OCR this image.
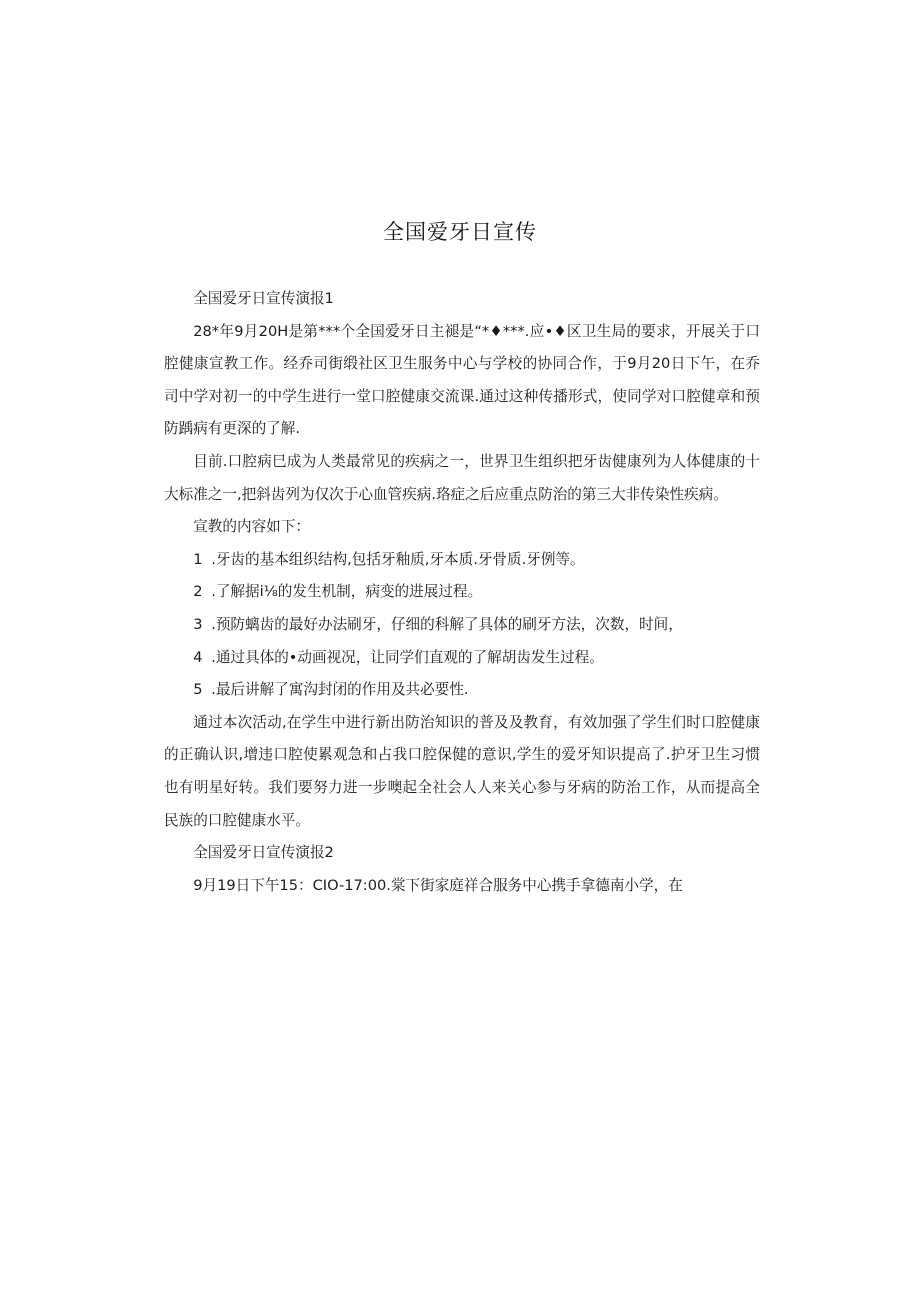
全国爱牙日宣传

全国爱牙日宣传演报1

28*年9月20H是第***个全国爱牙日主褪是“*♦***.应•♦区卫生局的要求，开展关于口腔健康宣教工作。经乔司街缎社区卫生服务中心与学校的协同合作，于9月20日下午，在乔司中学对初一的中学生进行一堂口腔健康交流课.通过这种传播形式，使同学对口腔健章和预防踽病有更深的了解.

目前.口腔病巳成为人类最常见的疾病之一，世界卫生组织把牙齿健康列为人体健康的十大标准之一,把斜齿列为仅次于心血管疾病.珞症之后应重点防治的第三大非传染性疾病。

宣教的内容如下：

1 .牙齿的基本组织结构,包括牙釉质,牙本质.牙骨质.牙例等。
2 .了解据i⅛的发生机制，病变的进展过程。
3 .预防螭齿的最好办法刷牙，仔细的科解了具体的刷牙方法，次数，时间，
4 .通过具体的•动画视况，让同学们直观的了解胡齿发生过程。
5 .最后讲解了寓沟封闭的作用及共必要性.

通过本次活动,在学生中进行新出防治知识的普及及教育，有效加强了学生们时口腔健康的正确认识,增违口腔使累观急和占我口腔保健的意识,学生的爱牙知识提高了.护牙卫生习惯也有明星好转。我们要努力进一步噢起全社会人人来关心参与牙病的防治工作，从而提高全民族的口腔健康水平。

全国爱牙日宣传演报2

9月19日下午15：CIO-17:00.棠下街家庭祥合服务中心携手拿德南小学，在
